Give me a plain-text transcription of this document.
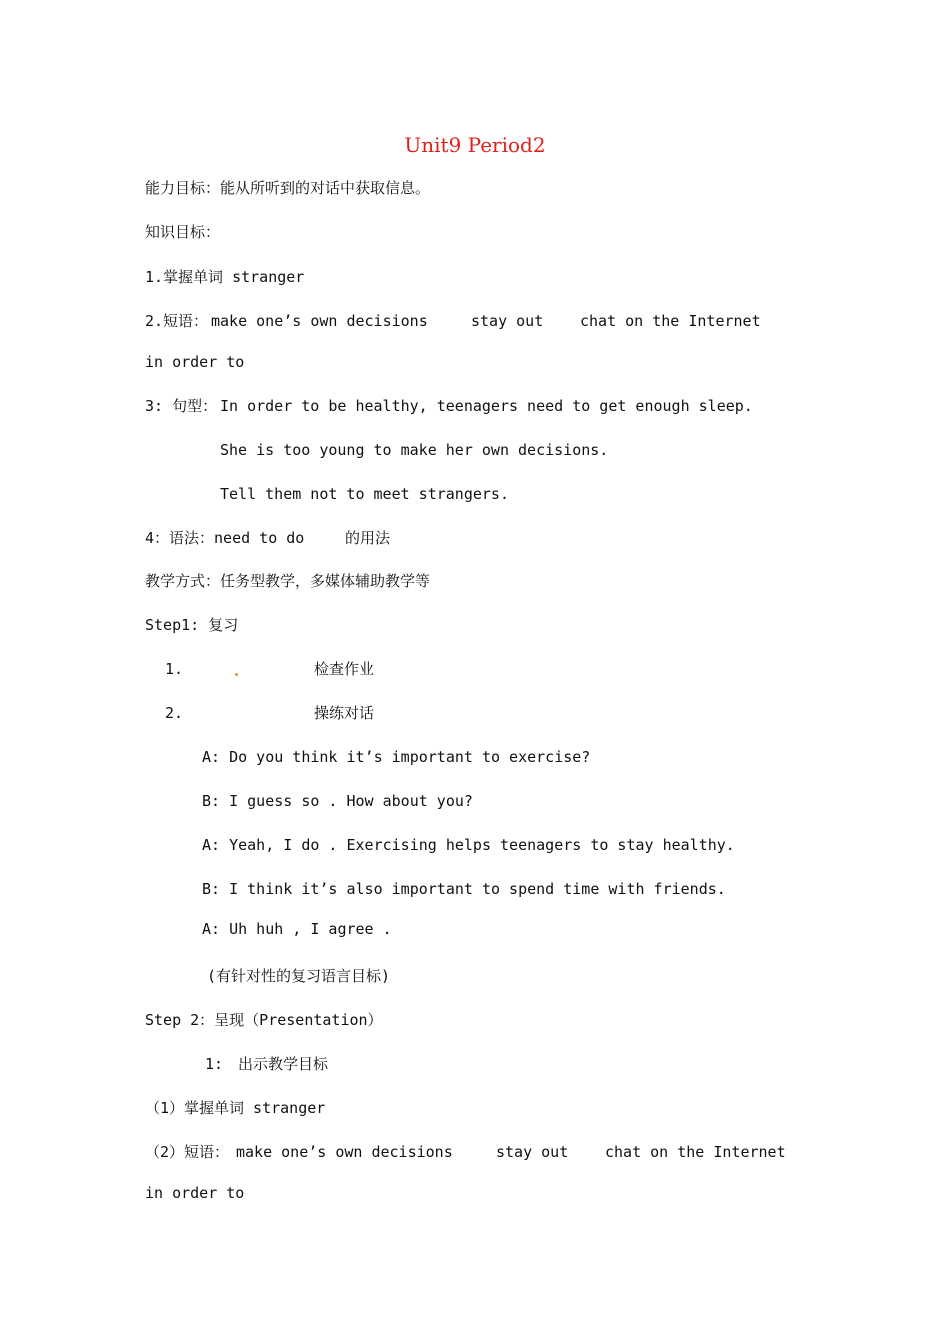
Unit9 Period2
能力目标：能从所听到的对话中获取信息。
知识目标：
1.掌握单词 stranger
2.短语： make one’s own decisions	stay out chat on the Internet
in order to
3: 句型： In order to be healthy, teenagers need to get enough sleep.
She is too young to make her own decisions.
Tell them not to meet strangers.
4：语法：need to do	的用法
教学方式：任务型教学，多媒体辅助教学等
Step1: 复习
1.	检查作业
2.	操练对话
A: Do you think it’s important to exercise?
B: I guess so . How about you?
A: Yeah, I do . Exercising helps teenagers to stay healthy.
B: I think it’s also important to spend time with friends.
A: Uh huh , I agree .
(有针对性的复习语言目标)
Step 2：呈现（Presentation）
1: 出示教学目标
（1）掌握单词 stranger
（2）短语： make one’s own decisions	stay out chat on the Internet
in order to
